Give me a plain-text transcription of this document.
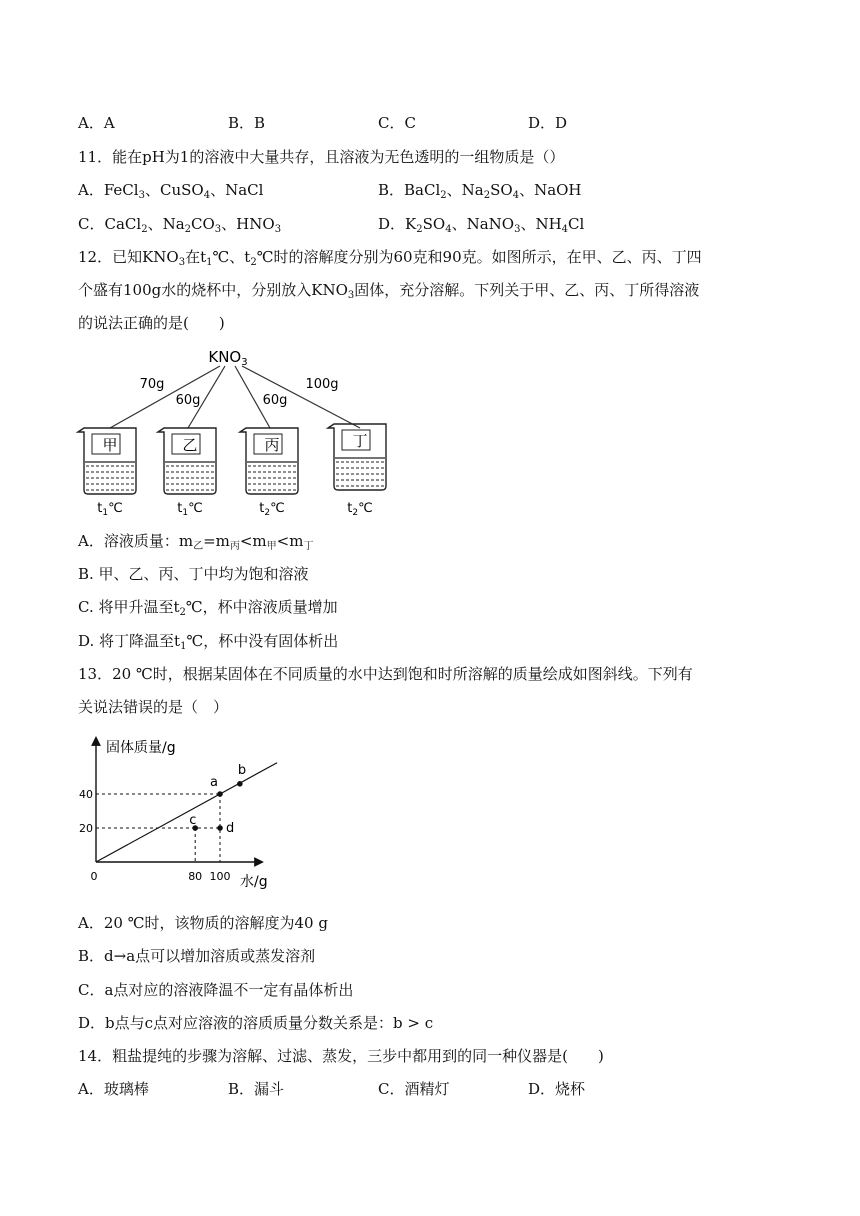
A．A	B．B	C．C	D．D
11．能在pH为1的溶液中大量共存，且溶液为无色透明的一组物质是（）
A．FeCl$_3$、CuSO$_4$、NaCl	B．BaCl$_2$、$Na_2SO_4$、NaOH
C．CaCl$_2$、$Na_2CO_3$、$HNO_3$	D．$K_2SO_4$、NaNO$_3$、$NH_4Cl$
12．已知$KNO_3$在$t_1℃$、$t_2℃$时的溶解度分别为60克和90克。如图所示，在甲、乙、丙、丁四
个盛有100g水的烧杯中，分别放入$KNO_3$固体，充分溶解。下列关于甲、乙、丙、丁所得溶液
的说法正确的是(　　)
$KNO_3$
70g
60g	60g
100g
甲	乙	丙	丁
$t_1℃$	$t_1℃$	$t_2℃$	$t_2℃$
A．溶液质量：$m_乙=m_丙<m_甲<m_丁$
B. 甲、乙、丙、丁中均为饱和溶液
C. 将甲升温至$t_2℃$，杯中溶液质量增加
D. 将丁降温至$t_1℃$，杯中没有固体析出
13．20 ℃时，根据某固体在不同质量的水中达到饱和时所溶解的质量绘成如图斜线。下列有
关说法错误的是（　）
固体质量/g
水/g
0	80 100
40
20
a
b
c
d
A．20 ℃时，该物质的溶解度为40 g
B．d→a点可以增加溶质或蒸发溶剂
C．a点对应的溶液降温不一定有晶体析出
D．b点与c点对应溶液的溶质质量分数关系是：b > c
14．粗盐提纯的步骤为溶解、过滤、蒸发，三步中都用到的同一种仪器是(　　)
A．玻璃棒	B．漏斗	C．酒精灯	D．烧杯
